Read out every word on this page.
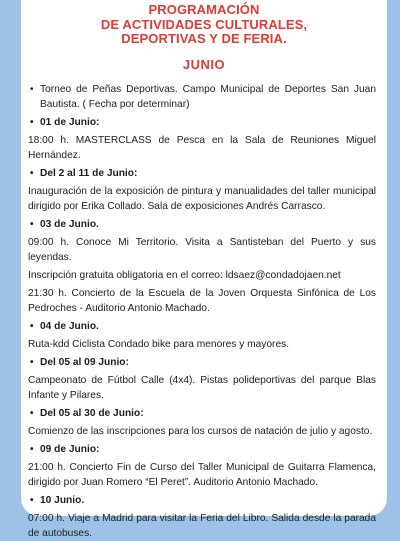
PROGRAMACIÓN
DE ACTIVIDADES CULTURALES,
DEPORTIVAS Y DE FERIA.
JUNIO
• Torneo de Peñas Deportivas. Campo Municipal de Deportes San Juan Bautista. ( Fecha por determinar)
• 01 de Junio:
18:00 h. MASTERCLASS de Pesca en la Sala de Reuniones Miguel Hernández.
• Del 2 al 11 de Junio:
Inauguración de la exposición de pintura y manualidades del taller municipal dirigido por Erika Collado. Sala de exposiciones Andrés Carrasco.
• 03 de Junio.
09:00 h. Conoce Mi Territorio. Visita a Santisteban del Puerto y sus leyendas.
Inscripción gratuita obligatoria en el correo: ldsaez@condadojaen.net
21:30 h. Concierto de la Escuela de la Joven Orquesta Sinfónica de Los Pedroches - Auditorio Antonio Machado.
• 04 de Junio.
Ruta-kdd Ciclista Condado bike para menores y mayores.
• Del 05 al 09 Junio:
Campeonato de Fútbol Calle (4x4). Pistas polideportivas del parque Blas Infante y Pilares.
• Del 05 al 30 de Junio:
Comienzo de las inscripciones para los cursos de natación de julio y agosto.
• 09 de Junio:
21:00 h. Concierto Fin de Curso del Taller Municipal de Guitarra Flamenca, dirigido por Juan Romero “El Peret”. Auditorio Antonio Machado.
• 10 Junio.
07:00 h. Viaje a Madrid para visitar la Feria del Libro. Salida desde la parada de autobuses.
